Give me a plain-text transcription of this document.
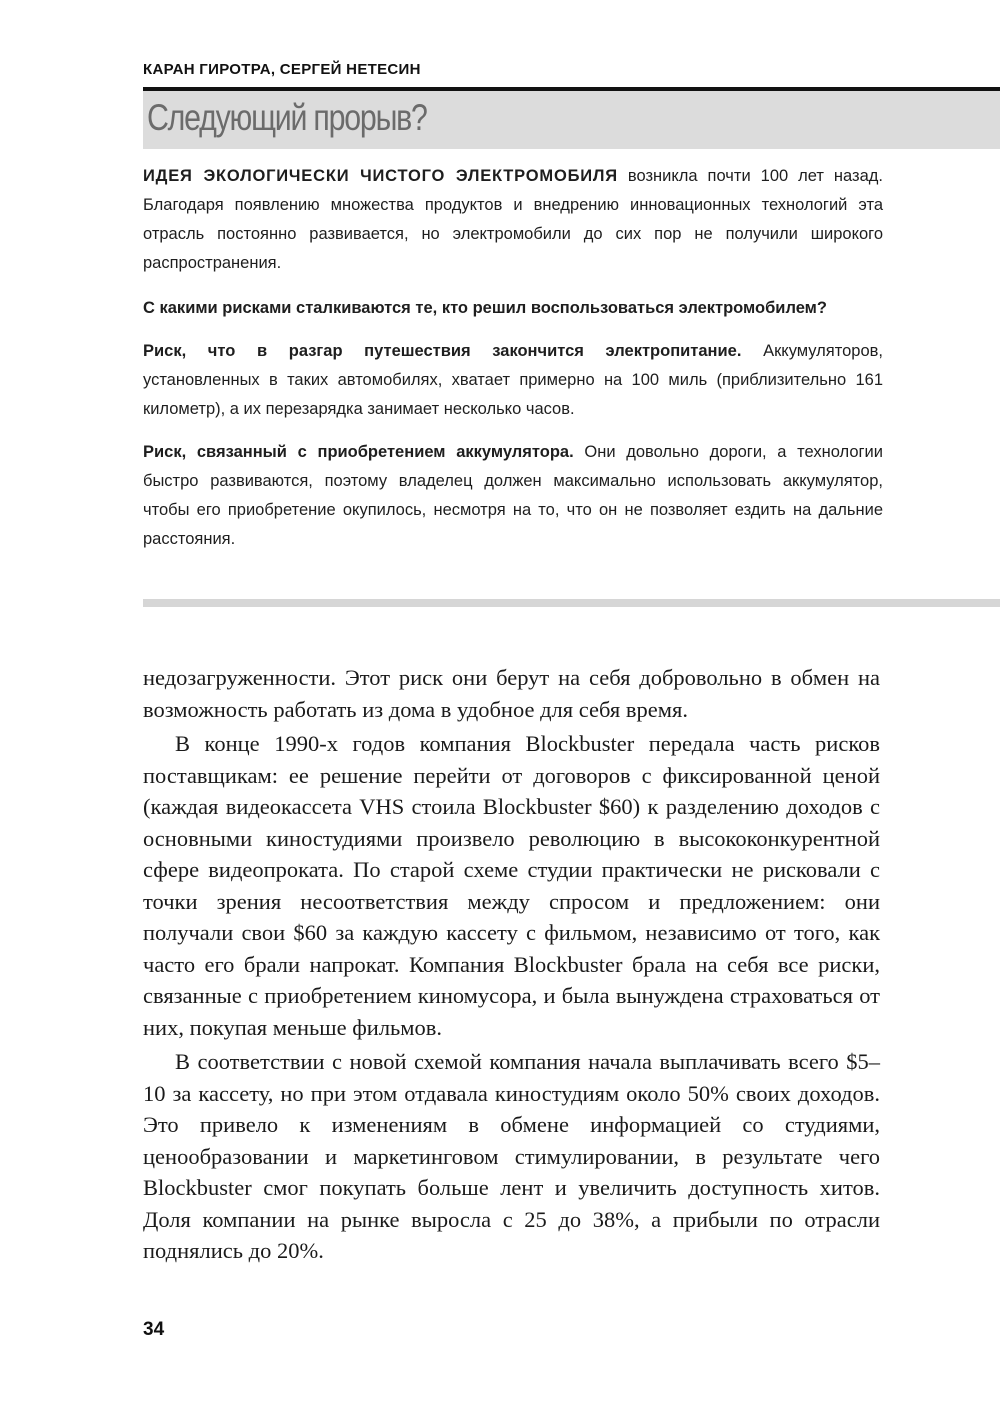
КАРАН ГИРОТРА, СЕРГЕЙ НЕТЕСИН
Следующий прорыв?

ИДЕЯ ЭКОЛОГИЧЕСКИ ЧИСТОГО ЭЛЕКТРОМОБИЛЯ возникла почти 100 лет назад. Благодаря появлению множества продуктов и внедрению инновационных технологий эта отрасль постоянно развивается, но электромобили до сих пор не получили широкого распространения.

С какими рисками сталкиваются те, кто решил воспользоваться электромобилем?

Риск, что в разгар путешествия закончится электропитание. Аккумуляторов, установленных в таких автомобилях, хватает примерно на 100 миль (приблизительно 161 километр), а их перезарядка занимает несколько часов.

Риск, связанный с приобретением аккумулятора. Они довольно дороги, а технологии быстро развиваются, поэтому владелец должен максимально использовать аккумулятор, чтобы его приобретение окупилось, несмотря на то, что он не позволяет ездить на дальние расстояния.

недозагруженности. Этот риск они берут на себя добровольно в обмен на возможность работать из дома в удобное для себя время.

В конце 1990-х годов компания Blockbuster передала часть рисков поставщикам: ее решение перейти от договоров с фиксированной ценой (каждая видеокассета VHS стоила Blockbuster $60) к разделению доходов с основными киностудиями произвело революцию в высококонкурентной сфере видеопроката. По старой схеме студии практически не рисковали с точки зрения несоответствия между спросом и предложением: они получали свои $60 за каждую кассету с фильмом, независимо от того, как часто его брали напрокат. Компания Blockbuster брала на себя все риски, связанные с приобретением киномусора, и была вынуждена страховаться от них, покупая меньше фильмов.

В соответствии с новой схемой компания начала выплачивать всего $5–10 за кассету, но при этом отдавала киностудиям около 50% своих доходов. Это привело к изменениям в обмене информацией со студиями, ценообразовании и маркетинговом стимулировании, в результате чего Blockbuster смог покупать больше лент и увеличить доступность хитов. Доля компании на рынке выросла с 25 до 38%, а прибыли по отрасли поднялись до 20%.

34
